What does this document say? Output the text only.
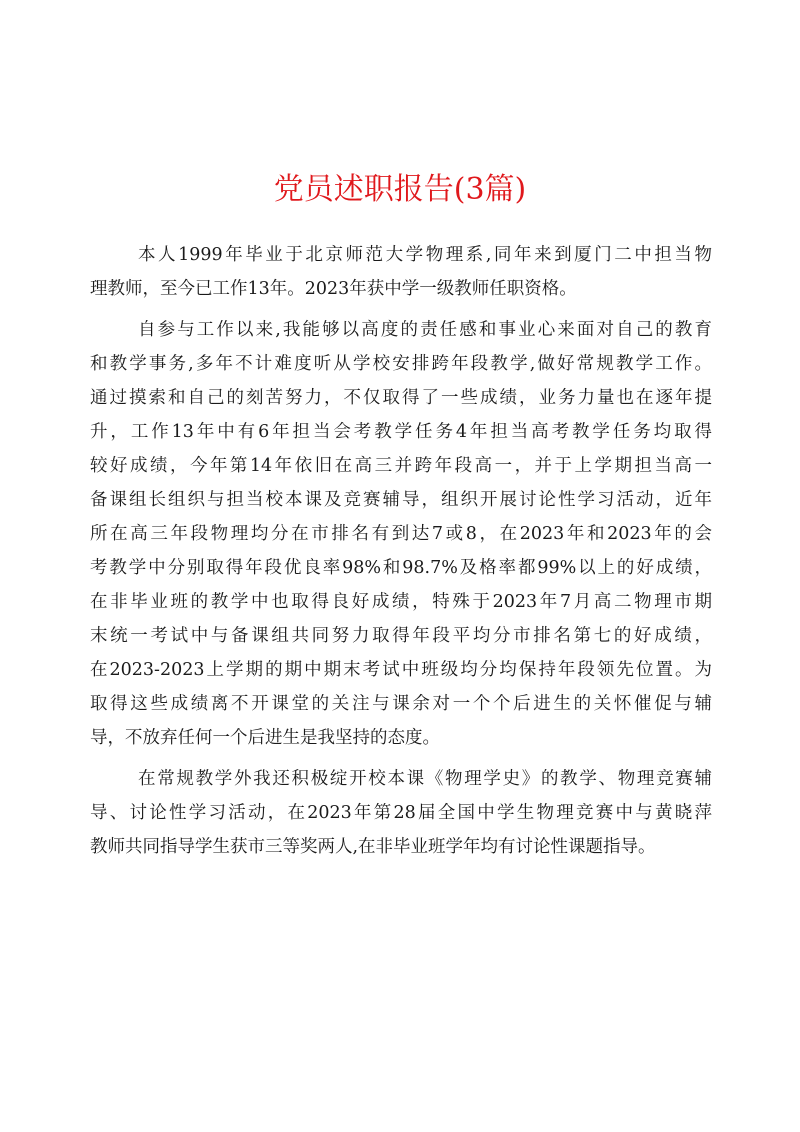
党员述职报告(3篇)

本人1999年毕业于北京师范大学物理系,同年来到厦门二中担当物
理教师，至今已工作13年。2023年获中学一级教师任职资格。

自参与工作以来,我能够以高度的责任感和事业心来面对自己的教育
和教学事务,多年不计难度听从学校安排跨年段教学,做好常规教学工作。
通过摸索和自己的刻苦努力，不仅取得了一些成绩，业务力量也在逐年提
升，工作13年中有6年担当会考教学任务4年担当高考教学任务均取得
较好成绩，今年第14年依旧在高三并跨年段高一，并于上学期担当高一
备课组长组织与担当校本课及竞赛辅导，组织开展讨论性学习活动，近年
所在高三年段物理均分在市排名有到达7或8，在2023年和2023年的会
考教学中分别取得年段优良率98%和98.7%及格率都99%以上的好成绩，
在非毕业班的教学中也取得良好成绩，特殊于2023年7月高二物理市期
末统一考试中与备课组共同努力取得年段平均分市排名第七的好成绩，
在2023-2023上学期的期中期末考试中班级均分均保持年段领先位置。为
取得这些成绩离不开课堂的关注与课余对一个个后进生的关怀催促与辅
导，不放弃任何一个后进生是我坚持的态度。

在常规教学外我还积极绽开校本课《物理学史》的教学、物理竞赛辅
导、讨论性学习活动，在2023年第28届全国中学生物理竞赛中与黄晓萍
教师共同指导学生获市三等奖两人,在非毕业班学年均有讨论性课题指导。
